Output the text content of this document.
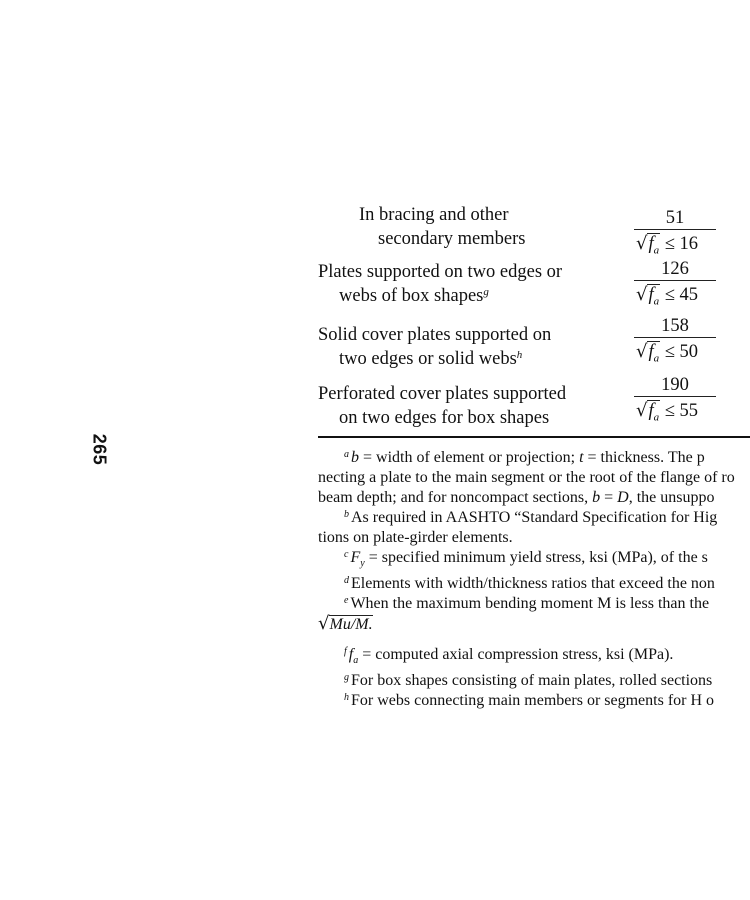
265
In bracing and other
secondary members
51
$√f_a \le 16$
Plates supported on two edges or
webs of box shapes$^g$
126
$√f_a \le 45$
Solid cover plates supported on
two edges or solid webs$^h$
158
$√f_a \le 50$
Perforated cover plates supported
on two edges for box shapes
190
$√f_a \le 55$
$^a$ b = width of element or projection; t = thickness. The p
necting a plate to the main segment or the root of the flange of ro
beam depth; and for noncompact sections, b = D, the unsuppo
$^b$ As required in AASHTO “Standard Specification for Hig
tions on plate-girder elements.
$^c$ $F_y$ = specified minimum yield stress, ksi (MPa), of the s
$^d$ Elements with width/thickness ratios that exceed the non
$^e$ When the maximum bending moment M is less than the
√Mu/M.
$^f$ $f_a$ = computed axial compression stress, ksi (MPa).
$^g$ For box shapes consisting of main plates, rolled sections
$^h$ For webs connecting main members or segments for H o
